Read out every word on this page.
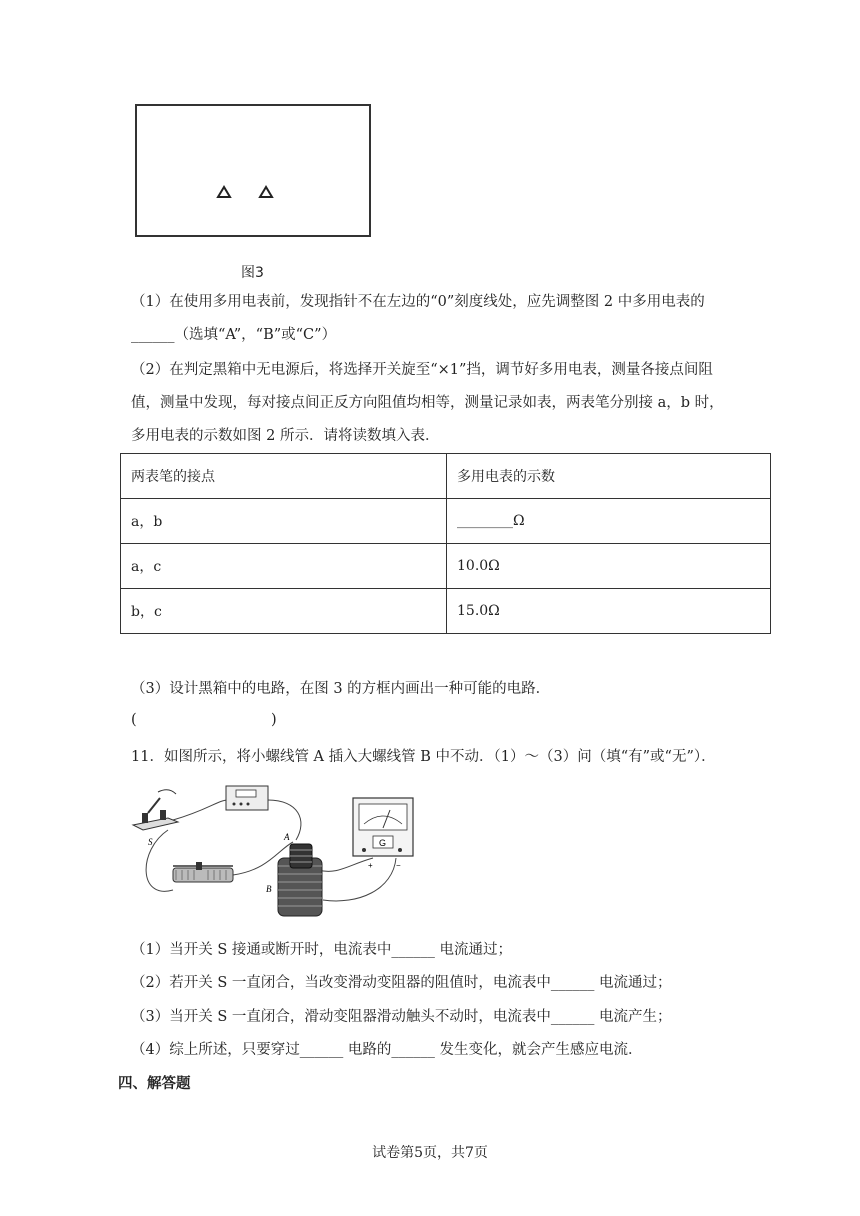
图3
（1）在使用多用电表前，发现指针不在左边的“0”刻度线处，应先调整图 2 中多用电表的
______（选填“A”，“B”或“C”）
（2）在判定黑箱中无电源后，将选择开关旋至“×1”挡，调节好多用电表，测量各接点间阻
值，测量中发现，每对接点间正反方向阻值均相等，测量记录如表，两表笔分别接 a，b 时，
多用电表的示数如图 2 所示．请将读数填入表．
两表笔的接点	多用电表的示数
a，b	________Ω
a，c	10.0Ω
b，c	15.0Ω
（3）设计黑箱中的电路，在图 3 的方框内画出一种可能的电路．
(	)
11．如图所示，将小螺线管 A 插入大螺线管 B 中不动．（1）～（3）问（填“有”或“无”）．
S	A
B
G
+	−
（1）当开关 S 接通或断开时，电流表中______ 电流通过；
（2）若开关 S 一直闭合，当改变滑动变阻器的阻值时，电流表中______ 电流通过；
（3）当开关 S 一直闭合，滑动变阻器滑动触头不动时，电流表中______ 电流产生；
（4）综上所述，只要穿过______ 电路的______ 发生变化，就会产生感应电流．
四、解答题
试卷第5页，共7页
